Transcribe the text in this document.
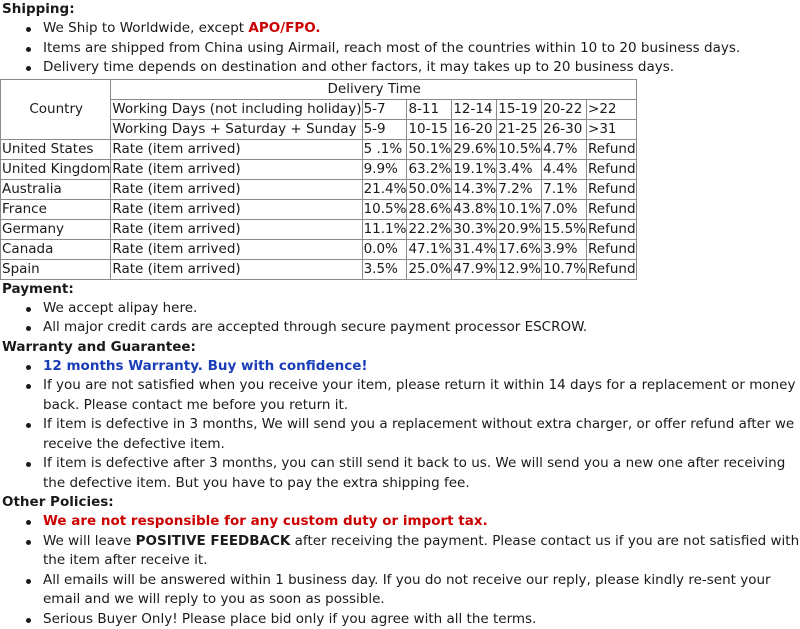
Shipping:
We Ship to Worldwide, except APO/FPO.
Items are shipped from China using Airmail, reach most of the countries within 10 to 20 business days.
Delivery time depends on destination and other factors, it may takes up to 20 business days.
Country	Delivery Time						
	Working Days (not including holiday)	5-7	8-11	12-14	15-19	20-22	>22
	Working Days + Saturday + Sunday	5-9	10-15	16-20	21-25	26-30	>31
United States	Rate (item arrived)	5 .1%	50.1%	29.6%	10.5%	4.7%	Refund
United Kingdom	Rate (item arrived)	9.9%	63.2%	19.1%	3.4%	4.4%	Refund
Australia	Rate (item arrived)	21.4%	50.0%	14.3%	7.2%	7.1%	Refund
France	Rate (item arrived)	10.5%	28.6%	43.8%	10.1%	7.0%	Refund
Germany	Rate (item arrived)	11.1%	22.2%	30.3%	20.9%	15.5%	Refund
Canada	Rate (item arrived)	0.0%	47.1%	31.4%	17.6%	3.9%	Refund
Spain	Rate (item arrived)	3.5%	25.0%	47.9%	12.9%	10.7%	Refund
Payment:
We accept alipay here.
All major credit cards are accepted through secure payment processor ESCROW.
Warranty and Guarantee:
12 months Warranty. Buy with confidence!
If you are not satisfied when you receive your item, please return it within 14 days for a replacement or money back. Please contact me before you return it.
If item is defective in 3 months, We will send you a replacement without extra charger, or offer refund after we receive the defective item.
If item is defective after 3 months, you can still send it back to us. We will send you a new one after receiving the defective item. But you have to pay the extra shipping fee.
Other Policies:
We are not responsible for any custom duty or import tax.
We will leave POSITIVE FEEDBACK after receiving the payment. Please contact us if you are not satisfied with the item after receive it.
All emails will be answered within 1 business day. If you do not receive our reply, please kindly re-sent your email and we will reply to you as soon as possible.
Serious Buyer Only! Please place bid only if you agree with all the terms.
